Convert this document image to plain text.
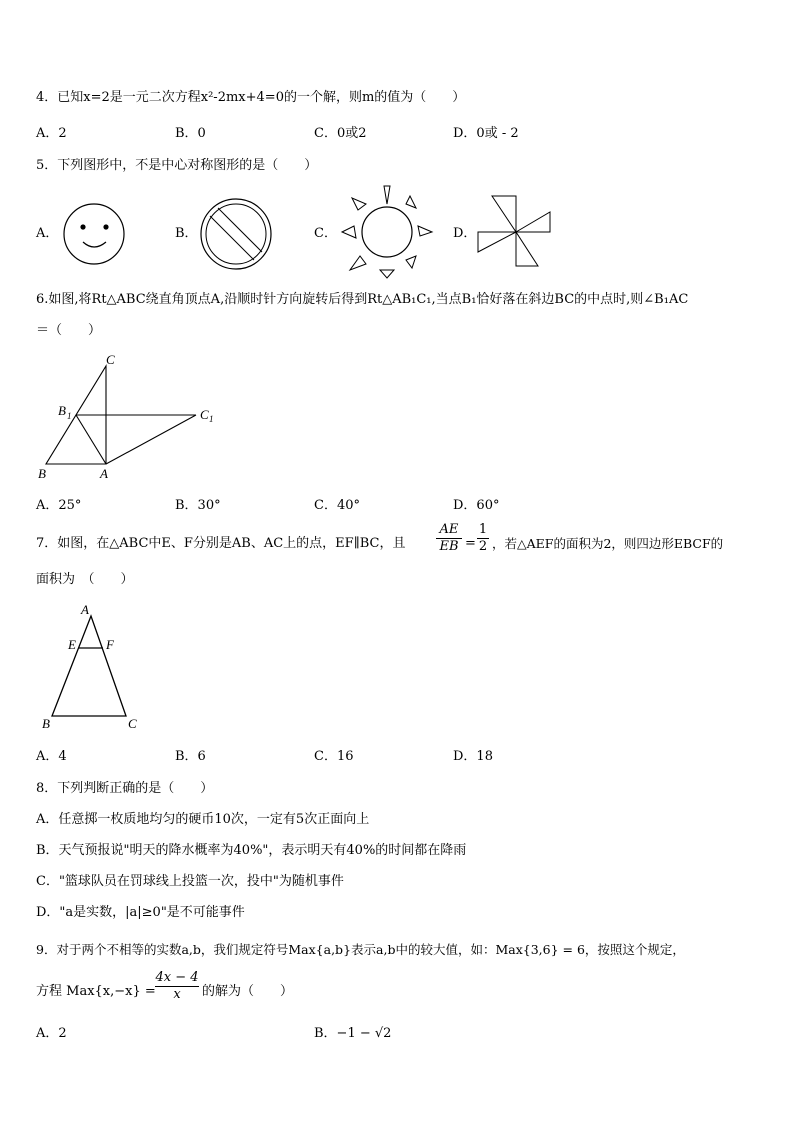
4．已知x=2是一元二次方程x²-2mx+4=0的一个解，则m的值为（　　）
A．2	B．0	C．0或2	D．0或 - 2
5．下列图形中，不是中心对称图形的是（　　）
A．	B．	C．	D．
6.如图,将Rt△ABC绕直角顶点A,沿顺时针方向旋转后得到Rt△AB₁C₁,当点B₁恰好落在斜边BC的中点时,则∠B₁AC
＝（　　）
C
B 1	C 1
B	A
A．25°	B．30°	C．40°	D．60°
7．如图，在△ABC中E、F分别是AB、AC上的点，EF∥BC，且 $\frac{AE}{EB} = \frac{1}{2}$ ，若△AEF的面积为2，则四边形EBCF的
面积为　（　　）
A
E F
B	C
A．4	B．6	C．16	D．18
8．下列判断正确的是（　　）
A．任意掷一枚质地均匀的硬币10次，一定有5次正面向上
B．天气预报说"明天的降水概率为40%"，表示明天有40%的时间都在降雨
C．"篮球队员在罚球线上投篮一次，投中"为随机事件
D．"a是实数，|a|≥0"是不可能事件
9．对于两个不相等的实数a,b，我们规定符号Max{a,b}表示a,b中的较大值，如：Max{3,6} = 6，按照这个规定，
方程 $Max\{x,-x\} = \frac{4x - 4}{x}$ 的解为（　　）
A．2	B．−1 − √2
